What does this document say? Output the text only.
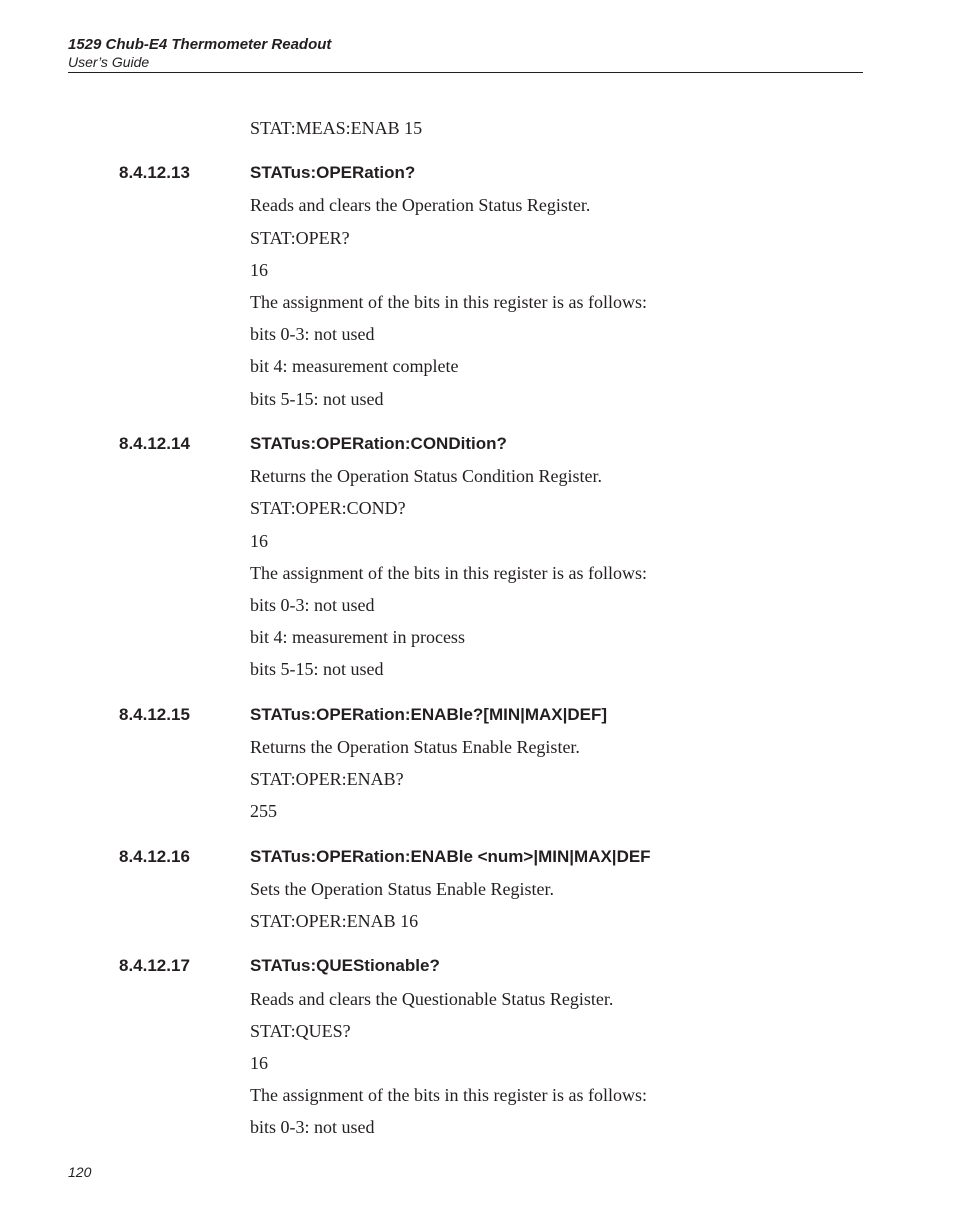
1529 Chub-E4 Thermometer Readout
User’s Guide
STAT:MEAS:ENAB 15
8.4.12.13	STATus:OPERation?
Reads and clears the Operation Status Register.
STAT:OPER?
16
The assignment of the bits in this register is as follows:
bits 0-3: not used
bit 4: measurement complete
bits 5-15: not used
8.4.12.14	STATus:OPERation:CONDition?
Returns the Operation Status Condition Register.
STAT:OPER:COND?
16
The assignment of the bits in this register is as follows:
bits 0-3: not used
bit 4: measurement in process
bits 5-15: not used
8.4.12.15	STATus:OPERation:ENABle?[MIN|MAX|DEF]
Returns the Operation Status Enable Register.
STAT:OPER:ENAB?
255
8.4.12.16	STATus:OPERation:ENABle <num>|MIN|MAX|DEF
Sets the Operation Status Enable Register.
STAT:OPER:ENAB 16
8.4.12.17	STATus:QUEStionable?
Reads and clears the Questionable Status Register.
STAT:QUES?
16
The assignment of the bits in this register is as follows:
bits 0-3: not used
120
